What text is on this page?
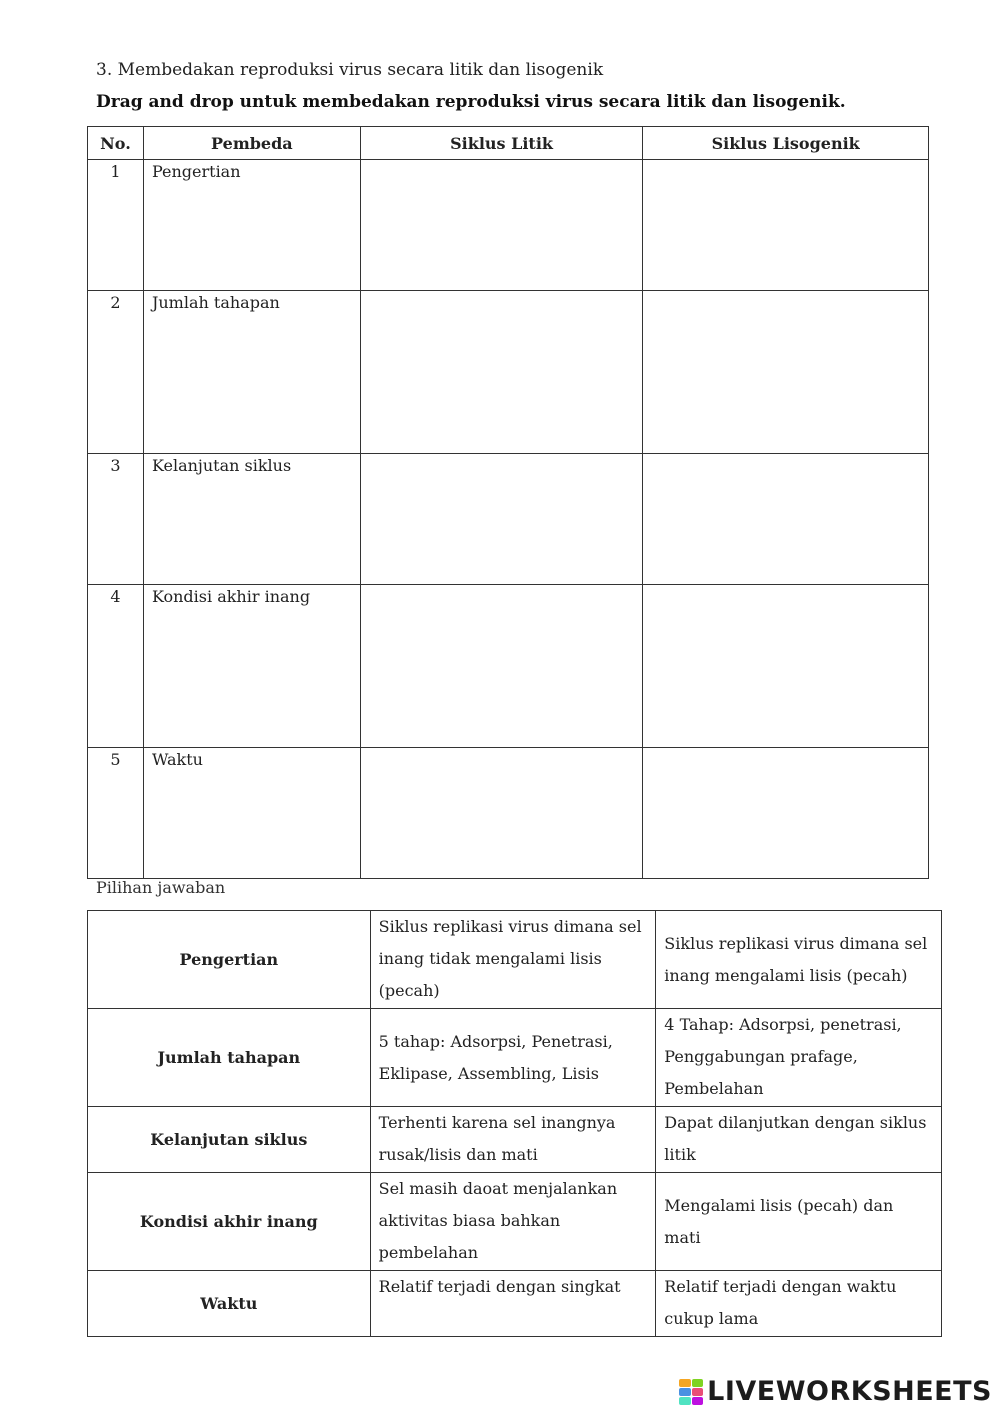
3. Membedakan reproduksi virus secara litik dan lisogenik
Drag and drop untuk membedakan reproduksi virus secara litik dan lisogenik.
No.	Pembeda	Siklus Litik	Siklus Lisogenik
1	Pengertian		
2	Jumlah tahapan		
3	Kelanjutan siklus		
4	Kondisi akhir inang		
5	Waktu		
Pilihan jawaban
Pengertian	Siklus replikasi virus dimana sel inang tidak mengalami lisis (pecah)	Siklus replikasi virus dimana sel inang mengalami lisis (pecah)
Jumlah tahapan	5 tahap: Adsorpsi, Penetrasi, Eklipase, Assembling, Lisis	4 Tahap: Adsorpsi, penetrasi, Penggabungan prafage, Pembelahan
Kelanjutan siklus	Terhenti karena sel inangnya rusak/lisis dan mati	Dapat dilanjutkan dengan siklus litik
Kondisi akhir inang	Sel masih daoat menjalankan aktivitas biasa bahkan pembelahan	Mengalami lisis (pecah) dan mati
Waktu	Relatif terjadi dengan singkat	Relatif terjadi dengan waktu cukup lama
LIVEWORKSHEETS
